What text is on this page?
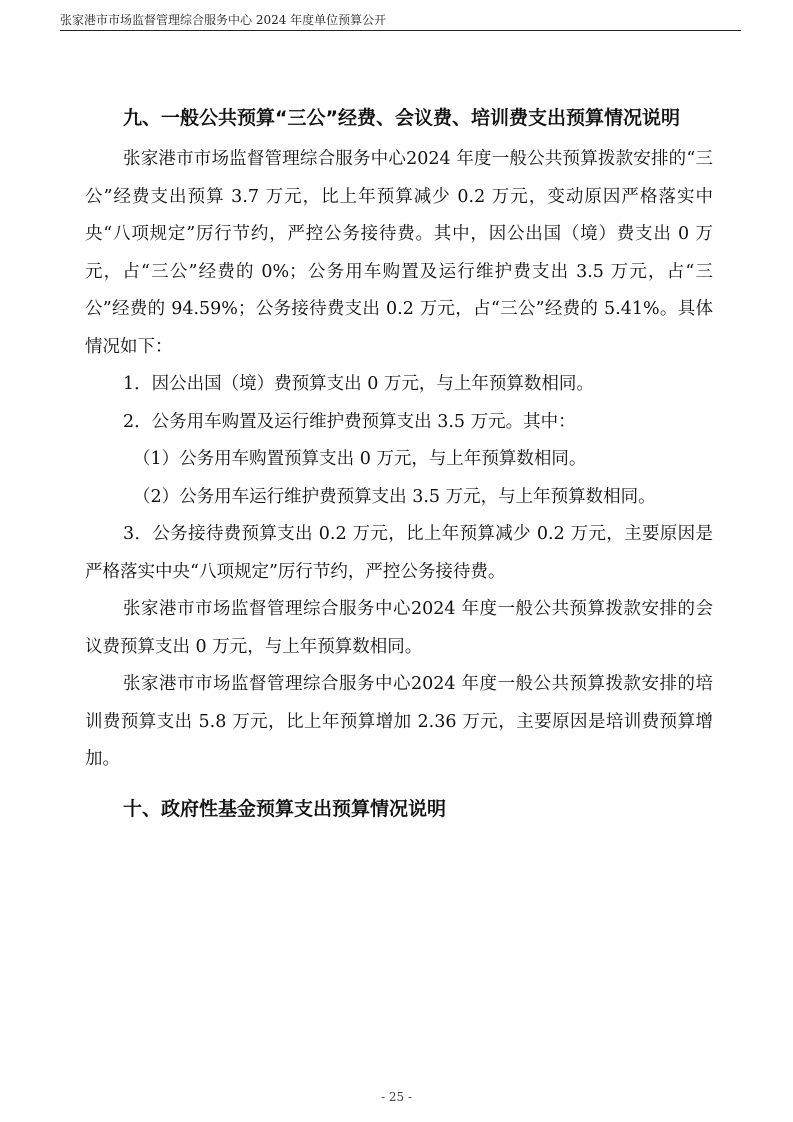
张家港市市场监督管理综合服务中心 2024 年度单位预算公开

九、一般公共预算“三公”经费、会议费、培训费支出预算情况说明

张家港市市场监督管理综合服务中心2024 年度一般公共预算拨款安排的“三公”经费支出预算 3.7 万元，比上年预算减少 0.2 万元，变动原因严格落实中央“八项规定”厉行节约，严控公务接待费。其中，因公出国（境）费支出 0 万元，占“三公”经费的 0%；公务用车购置及运行维护费支出 3.5 万元，占“三公”经费的 94.59%；公务接待费支出 0.2 万元，占“三公”经费的 5.41%。具体情况如下：

1．因公出国（境）费预算支出 0 万元，与上年预算数相同。

2．公务用车购置及运行维护费预算支出 3.5 万元。其中：

（1）公务用车购置预算支出 0 万元，与上年预算数相同。

（2）公务用车运行维护费预算支出 3.5 万元，与上年预算数相同。

3．公务接待费预算支出 0.2 万元，比上年预算减少 0.2 万元，主要原因是严格落实中央“八项规定”厉行节约，严控公务接待费。

张家港市市场监督管理综合服务中心2024 年度一般公共预算拨款安排的会议费预算支出 0 万元，与上年预算数相同。

张家港市市场监督管理综合服务中心2024 年度一般公共预算拨款安排的培训费预算支出 5.8 万元，比上年预算增加 2.36 万元，主要原因是培训费预算增加。

十、政府性基金预算支出预算情况说明

- 25 -
